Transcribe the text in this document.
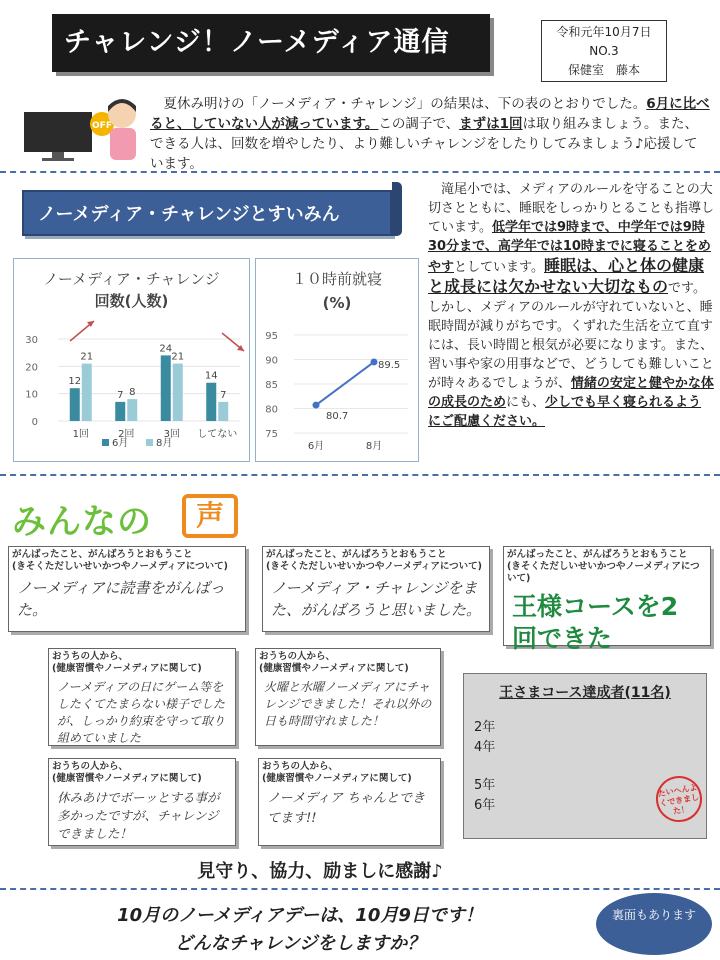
チャレンジ！ノーメディア通信	令和元年10月7日
NO.3
保健室　藤本
OFF
夏休み明けの「ノーメディア・チャレンジ」の結果は、下の表のとおりでした。6月に比べると、していない人が減っています。この調子で、まずは1回は取り組みましょう。また、できる人は、回数を増やしたり、より難しいチャレンジをしたりしてみましょう♪応援しています。
ノーメディア・チャレンジとすいみん
ノーメディア・チャレンジ
回数(人数)
0
10
20
30
12
21
1回
7 8
2回
24
21
3回
14
7
してない
6月	8月
１０時前就寝
(%)
75
80
85
90
95
80.7
6月
89.5
8月
滝尾小では、メディアのルールを守ることの大切さとともに、睡眠をしっかりとることも指導しています。低学年では9時まで、中学年では9時30分まで、高学年では10時までに寝ることをめやすとしています。睡眠は、心と体の健康と成長には欠かせない大切なものです。しかし、メディアのルールが守れていないと、睡眠時間が減りがちです。くずれた生活を立て直すには、長い時間と根気が必要になります。また、習い事や家の用事などで、どうしても難しいことが時々あるでしょうが、情緒の安定と健やかな体の成長のためにも、少しでも早く寝られるようにご配慮ください。
みんなの	声
がんばったこと、がんばろうとおもうこと
(きそくただしいせいかつやノーメディアについて)
ノーメディアに読書をがんばった。
がんばったこと、がんばろうとおもうこと
(きそくただしいせいかつやノーメディアについて)
ノーメディア・チャレンジをまた、がんばろうと思いました。
がんばったこと、がんばろうとおもうこと
(きそくただしいせいかつやノーメディアについて)
王様コースを2回できた
おうちの人から、
(健康習慣やノーメディアに関して)
ノーメディアの日にゲーム等をしたくてたまらない様子でしたが、しっかり約束を守って取り組めていました
おうちの人から、
(健康習慣やノーメディアに関して)
火曜と水曜ノーメディアにチャレンジできました！それ以外の日も時間守れました！
おうちの人から、
(健康習慣やノーメディアに関して)
休みあけでボーッとする事が多かったですが、チャレンジできました！
おうちの人から、
(健康習慣やノーメディアに関して)
ノーメディア ちゃんとできてます!!
王さまコース達成者(11名)
2年
4年
5年
6年
たいへんよくできました！
見守り、協力、励ましに感謝♪
10月のノーメディアデーは、10月9日です！
どんなチャレンジをしますか？
裏面もあります
